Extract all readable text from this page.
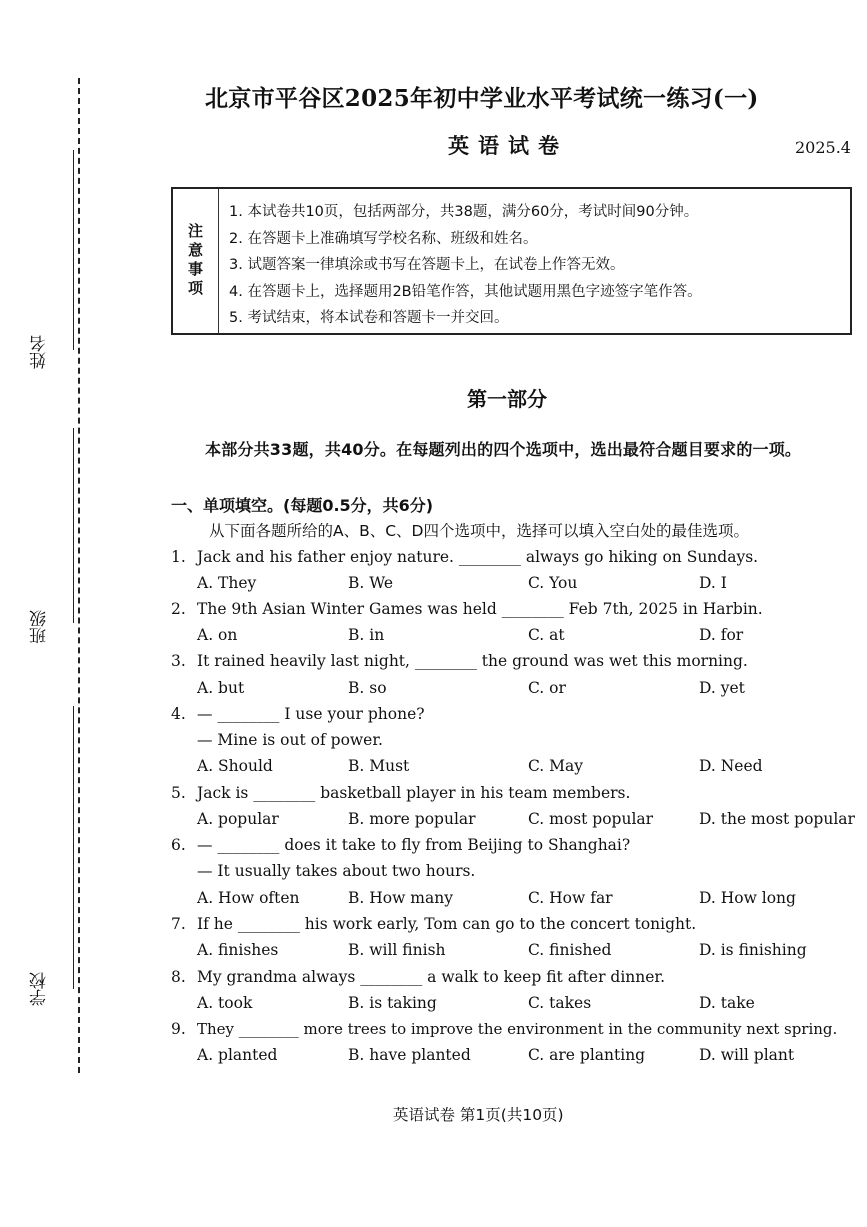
姓名
班级
学校
北京市平谷区2025年初中学业水平考试统一练习(一)
英语试卷	2025.4
注意事项
1. 本试卷共10页，包括两部分，共38题，满分60分，考试时间90分钟。
2. 在答题卡上准确填写学校名称、班级和姓名。
3. 试题答案一律填涂或书写在答题卡上，在试卷上作答无效。
4. 在答题卡上，选择题用2B铅笔作答，其他试题用黑色字迹签字笔作答。
5. 考试结束，将本试卷和答题卡一并交回。
第一部分
本部分共33题，共40分。在每题列出的四个选项中，选出最符合题目要求的一项。
一、单项填空。(每题0.5分，共6分)
从下面各题所给的A、B、C、D四个选项中，选择可以填入空白处的最佳选项。
1. Jack and his father enjoy nature. ________ always go hiking on Sundays.
A. They	B. We	C. You	D. I
2. The 9th Asian Winter Games was held ________ Feb 7th, 2025 in Harbin.
A. on	B. in	C. at	D. for
3. It rained heavily last night, ________ the ground was wet this morning.
A. but	B. so	C. or	D. yet
4. — ________ I use your phone?
— Mine is out of power.
A. Should	B. Must	C. May	D. Need
5. Jack is ________ basketball player in his team members.
A. popular	B. more popular	C. most popular	D. the most popular
6. — ________ does it take to fly from Beijing to Shanghai?
— It usually takes about two hours.
A. How often	B. How many	C. How far	D. How long
7. If he ________ his work early, Tom can go to the concert tonight.
A. finishes	B. will finish	C. finished	D. is finishing
8. My grandma always ________ a walk to keep fit after dinner.
A. took	B. is taking	C. takes	D. take
9. They ________ more trees to improve the environment in the community next spring.
A. planted	B. have planted	C. are planting	D. will plant
英语试卷 第1页(共10页)
